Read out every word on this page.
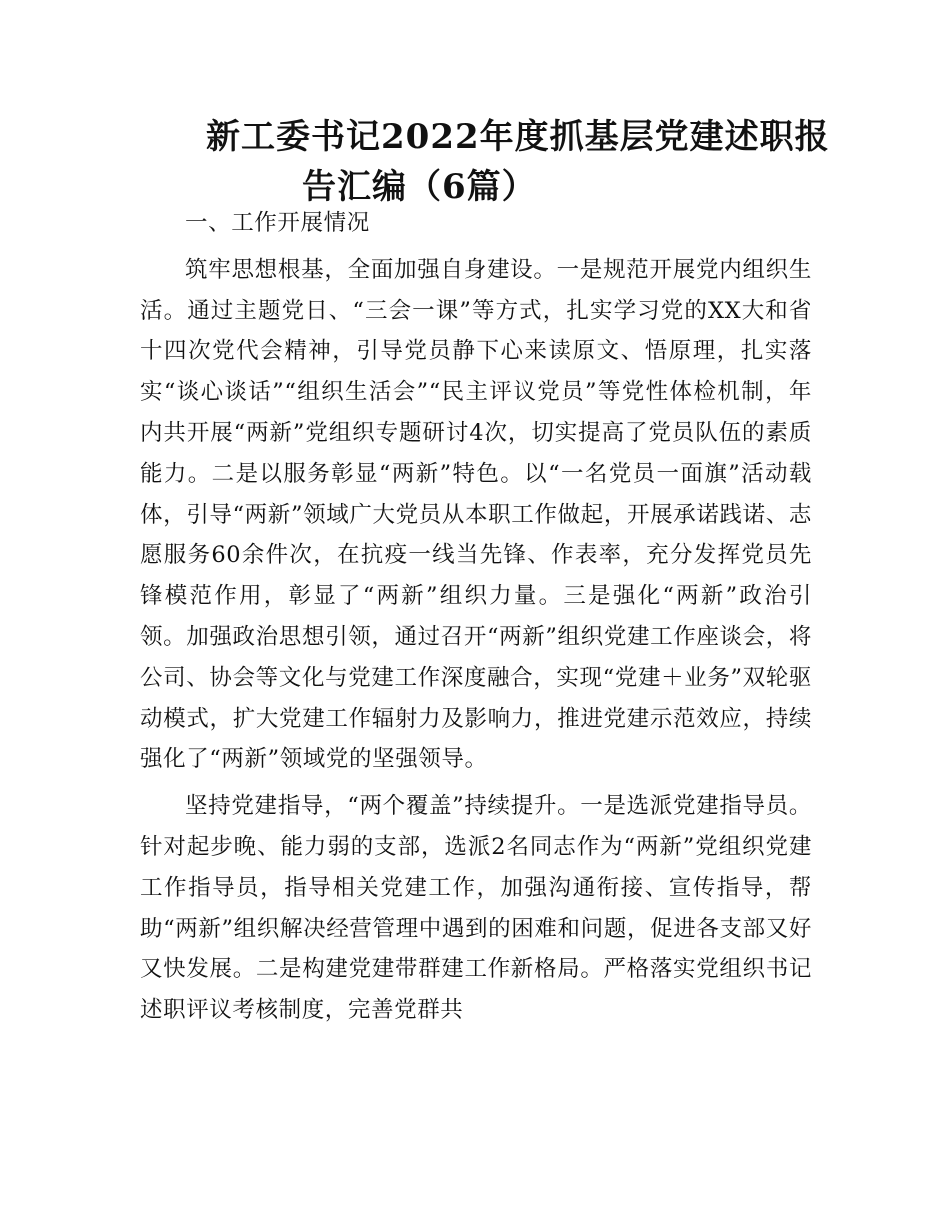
新工委书记2022年度抓基层党建述职报
告汇编（6篇）

一、工作开展情况

筑牢思想根基，全面加强自身建设。一是规范开展党内组织生活。通过主题党日、“三会一课”等方式，扎实学习党的XX大和省十四次党代会精神，引导党员静下心来读原文、悟原理，扎实落实“谈心谈话”“组织生活会”“民主评议党员”等党性体检机制，年内共开展“两新”党组织专题研讨4次，切实提高了党员队伍的素质能力。二是以服务彰显“两新”特色。以“一名党员一面旗”活动载体，引导“两新”领域广大党员从本职工作做起，开展承诺践诺、志愿服务60余件次，在抗疫一线当先锋、作表率，充分发挥党员先锋模范作用，彰显了“两新”组织力量。三是强化“两新”政治引领。加强政治思想引领，通过召开“两新”组织党建工作座谈会，将公司、协会等文化与党建工作深度融合，实现“党建＋业务”双轮驱动模式，扩大党建工作辐射力及影响力，推进党建示范效应，持续强化了“两新”领域党的坚强领导。

坚持党建指导，“两个覆盖”持续提升。一是选派党建指导员。针对起步晚、能力弱的支部，选派2名同志作为“两新”党组织党建工作指导员，指导相关党建工作，加强沟通衔接、宣传指导，帮助“两新”组织解决经营管理中遇到的困难和问题，促进各支部又好又快发展。二是构建党建带群建工作新格局。严格落实党组织书记述职评议考核制度，完善党群共
